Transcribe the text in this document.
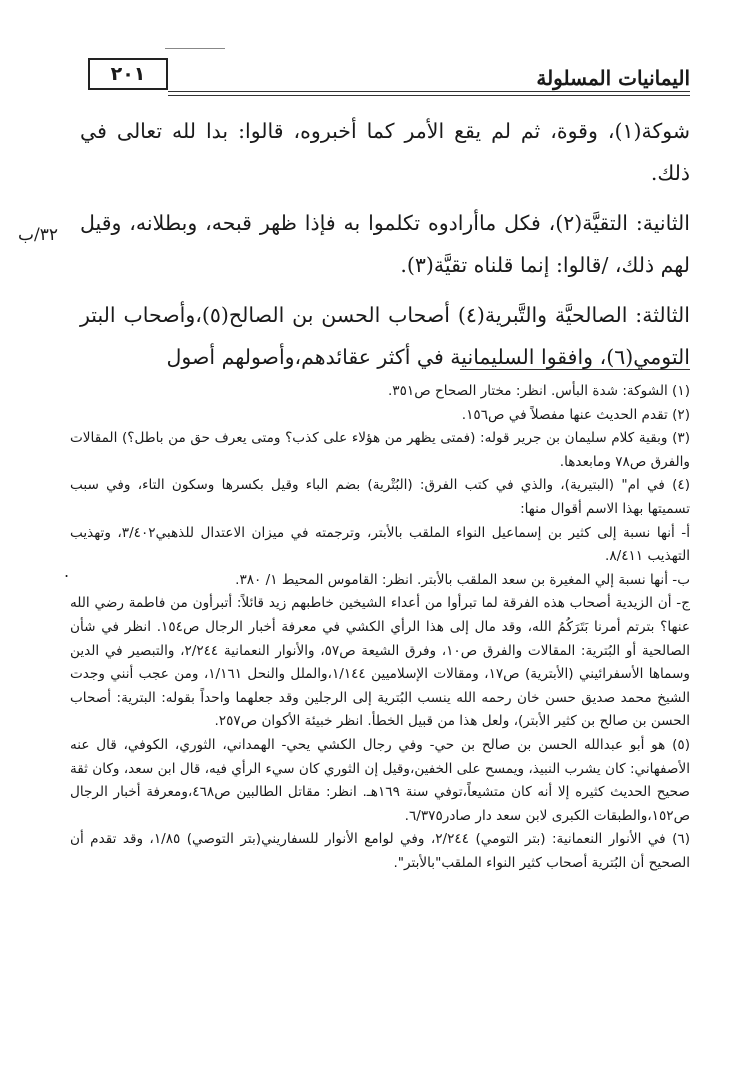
٢٠١	اليمانيات المسلولة

شوكة(١)، وقوة، ثم لم يقع الأمر كما أخبروه، قالوا: بدا لله تعالى في ذلك.

الثانية: التقيَّة(٢)، فكل ماأرادوه تكلموا به فإذا ظهر قبحه، وبطلانه، وقيل لهم ذلك، /قالوا: إنما قلناه تقيَّة(٣).

الثالثة: الصالحيَّة والتَّبرية(٤) أصحاب الحسن بن الصالح(٥)،وأصحاب البتر التومي(٦)، وافقوا السليمانية في أكثر عقائدهم،وأصولهم أصول

٣٢/ب

(١) الشوكة: شدة البأس. انظر: مختار الصحاح ص٣٥١.

(٢) تقدم الحديث عنها مفصلاً في ص١٥٦.

(٣) وبقية كلام سليمان بن جرير قوله: (فمتى يظهر من هؤلاء على كذب؟ ومتى يعرف حق من باطل؟) المقالات والفرق ص٧٨ ومابعدها.

(٤) في ام" (البتيرية)، والذي في كتب الفرق: (البُتْرية) بضم الباء وقيل بكسرها وسكون التاء، وفي سبب تسميتها بهذا الاسم أقوال منها:

أ- أنها نسبة إلى كثير بن إسماعيل النواء الملقب بالأبتر، وترجمته في ميزان الاعتدال للذهبي٣/٤٠٢، وتهذيب التهذيب ٨/٤١١.

ب- أنها نسبة إلي المغيرة بن سعد الملقب بالأبتر. انظر: القاموس المحيط ١/ ٣٨٠.

ج- أن الزيدية أصحاب هذه الفرقة لما تبرأوا من أعداء الشيخين خاطبهم زيد قائلاً: أتبرأون من فاطمة رضي الله عنها؟ بترتم أمرنا بَتَرَكُمُ الله، وقد مال إلى هذا الرأي الكشي في معرفة أخبار الرجال ص١٥٤. انظر في شأن الصالحية أو البُترية: المقالات والفرق ص١٠، وفرق الشيعة ص٥٧، والأنوار النعمانية ٢/٢٤٤، والتبصير في الدين وسماها الأسفرائيني (الأبترية) ص١٧، ومقالات الإسلاميين ١/١٤٤،والملل والنحل ١/١٦١، ومن عجب أنني وجدت الشيخ محمد صديق حسن خان رحمه الله ينسب البُترية إلى الرجلين وقد جعلهما واحداً بقوله: البترية: أصحاب الحسن بن صالح بن كثير الأبتر)، ولعل هذا من قبيل الخطأ. انظر خبيئة الأكوان ص٢٥٧.

(٥) هو أبو عبدالله الحسن بن صالح بن حي- وفي رجال الكشي يحي- الهمداني، الثوري، الكوفي، قال عنه الأصفهاني: كان يشرب النبيذ، ويمسح على الخفين،وقيل إن الثوري كان سيء الرأي فيه، قال ابن سعد، وكان ثقة صحيح الحديث كثيره إلا أنه كان متشيعاً،توفي سنة ١٦٩هـ. انظر: مقاتل الطالبين ص٤٦٨،ومعرفة أخبار الرجال ص١٥٢،والطبقات الكبرى لابن سعد دار صادر٦/٣٧٥.

(٦) في الأنوار النعمانية: (بتر التومي) ٢/٢٤٤، وفي لوامع الأنوار للسفاريني(بتر التوصي) ١/٨٥، وقد تقدم أن الصحيح أن البُترية أصحاب كثير النواء الملقب"بالأبتر".

.
